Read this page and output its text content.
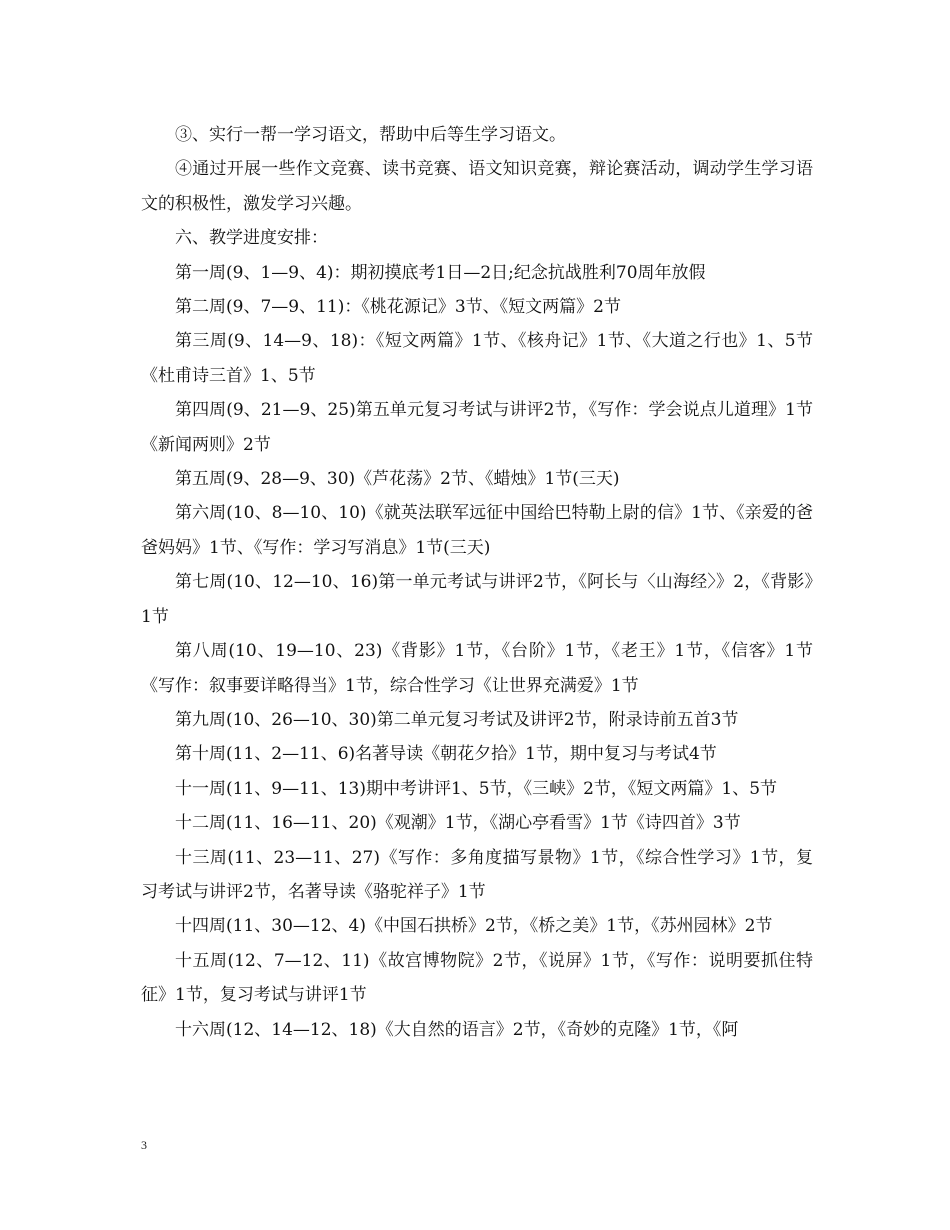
③、实行一帮一学习语文，帮助中后等生学习语文。

④通过开展一些作文竞赛、读书竞赛、语文知识竞赛，辩论赛活动，调动学生学习语文的积极性，激发学习兴趣。

六、教学进度安排：

第一周(9、1—9、4)：期初摸底考1日—2日;纪念抗战胜利70周年放假

第二周(9、7—9、11)：《桃花源记》3节、《短文两篇》2节

第三周(9、14—9、18)：《短文两篇》1节、《核舟记》1节、《大道之行也》1、5节《杜甫诗三首》1、5节

第四周(9、21—9、25)第五单元复习考试与讲评2节，《写作：学会说点儿道理》1节《新闻两则》2节

第五周(9、28—9、30)《芦花荡》2节、《蜡烛》1节(三天)

第六周(10、8—10、10)《就英法联军远征中国给巴特勒上尉的信》1节、《亲爱的爸爸妈妈》1节、《写作：学习写消息》1节(三天)

第七周(10、12—10、16)第一单元考试与讲评2节，《阿长与〈山海经〉》2，《背影》1节

第八周(10、19—10、23)《背影》1节，《台阶》1节，《老王》1节，《信客》1节《写作：叙事要详略得当》1节，综合性学习《让世界充满爱》1节

第九周(10、26—10、30)第二单元复习考试及讲评2节，附录诗前五首3节

第十周(11、2—11、6)名著导读《朝花夕拾》1节，期中复习与考试4节

十一周(11、9—11、13)期中考讲评1、5节，《三峡》2节，《短文两篇》1、5节

十二周(11、16—11、20)《观潮》1节，《湖心亭看雪》1节《诗四首》3节

十三周(11、23—11、27)《写作：多角度描写景物》1节，《综合性学习》1节，复习考试与讲评2节，名著导读《骆驼祥子》1节

十四周(11、30—12、4)《中国石拱桥》2节，《桥之美》1节，《苏州园林》2节

十五周(12、7—12、11)《故宫博物院》2节，《说屏》1节，《写作：说明要抓住特征》1节，复习考试与讲评1节

十六周(12、14—12、18)《大自然的语言》2节，《奇妙的克隆》1节，《阿

3
